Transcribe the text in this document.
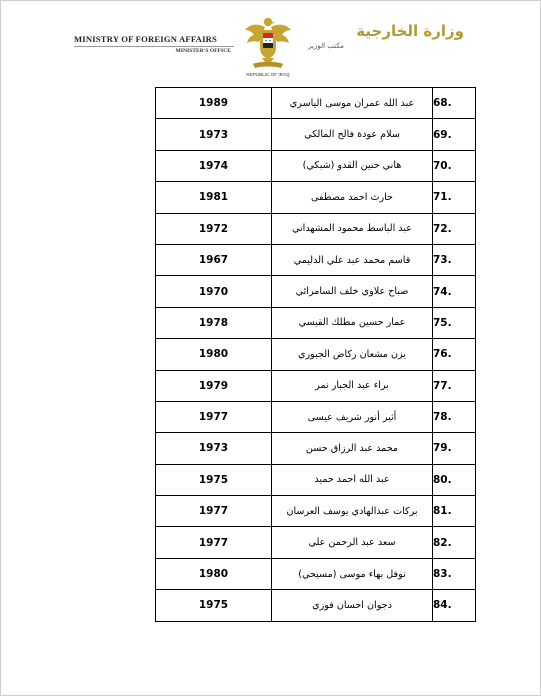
MINISTRY OF FOREIGN AFFAIRS
MINISTER'S OFFICE
REPUBLIC OF IRAQ
وزارة الخارجية
مكتب الوزير
1989	عبد الله عمران موسى الياسري	68.
1973	سلام عودة فالح المالكي	69.
1974	هاني حنين القدو (شبكي)	70.
1981	حارث احمد مصطفى	71.
1972	عبد الباسط محمود المشهداني	72.
1967	قاسم محمد عبد علي الدليمي	73.
1970	صباح علاوي خلف السامرائي	74.
1978	عمار حسين مطلك القيسي	75.
1980	يزن مشعان ركاض الجبوري	76.
1979	براء عبد الجبار نمر	77.
1977	أثير أنور شريف عيسى	78.
1973	محمد عبد الرزاق حسن	79.
1975	عبد الله احمد حميد	80.
1977	بركات عبدالهادي يوسف العرسان	81.
1977	سعد عبد الرحمن علي	82.
1980	نوفل بهاء موسى (مسيحي)	83.
1975	دجوان احسان فوزي	84.
